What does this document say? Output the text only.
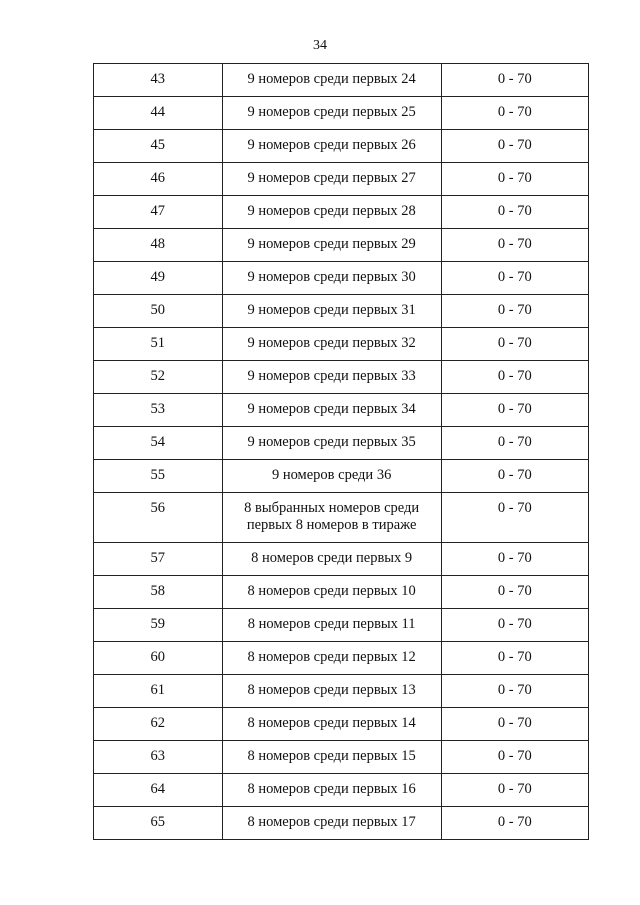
34
43	9 номеров среди первых 24	0 - 70
44	9 номеров среди первых 25	0 - 70
45	9 номеров среди первых 26	0 - 70
46	9 номеров среди первых 27	0 - 70
47	9 номеров среди первых 28	0 - 70
48	9 номеров среди первых 29	0 - 70
49	9 номеров среди первых 30	0 - 70
50	9 номеров среди первых 31	0 - 70
51	9 номеров среди первых 32	0 - 70
52	9 номеров среди первых 33	0 - 70
53	9 номеров среди первых 34	0 - 70
54	9 номеров среди первых 35	0 - 70
55	9 номеров среди 36	0 - 70
56	8 выбранных номеров среди первых 8 номеров в тираже	0 - 70
57	8 номеров среди первых 9	0 - 70
58	8 номеров среди первых 10	0 - 70
59	8 номеров среди первых 11	0 - 70
60	8 номеров среди первых 12	0 - 70
61	8 номеров среди первых 13	0 - 70
62	8 номеров среди первых 14	0 - 70
63	8 номеров среди первых 15	0 - 70
64	8 номеров среди первых 16	0 - 70
65	8 номеров среди первых 17	0 - 70
